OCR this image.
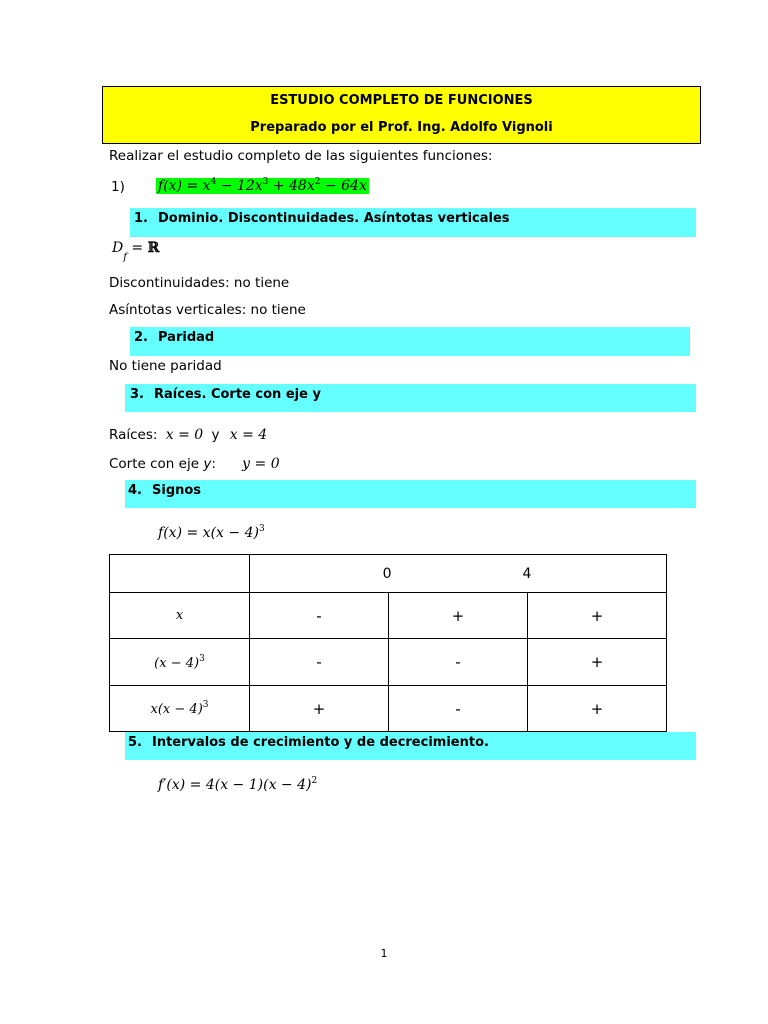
ESTUDIO COMPLETO DE FUNCIONES
Preparado por el Prof. Ing. Adolfo Vignoli
Realizar el estudio completo de las siguientes funciones:
1) $f(x) = x^4 - 12x^3 + 48x^2 - 64x$
1. Dominio. Discontinuidades. Asíntotas verticales
$D_f$ = ℝ
Discontinuidades: no tiene
Asíntotas verticales: no tiene
2. Paridad
No tiene paridad
3. Raíces. Corte con eje y
Raíces: x = 0 y x = 4
Corte con eje y: y = 0
4. Signos
$f(x) = x(x - 4)^3$
	0 4		
x	-	+	+
$(x - 4)^3$	-	-	+
$x(x - 4)^3$	+	-	+
5. Intervalos de crecimiento y de decrecimiento.
$f'(x) = 4(x - 1)(x - 4)^2$
1
